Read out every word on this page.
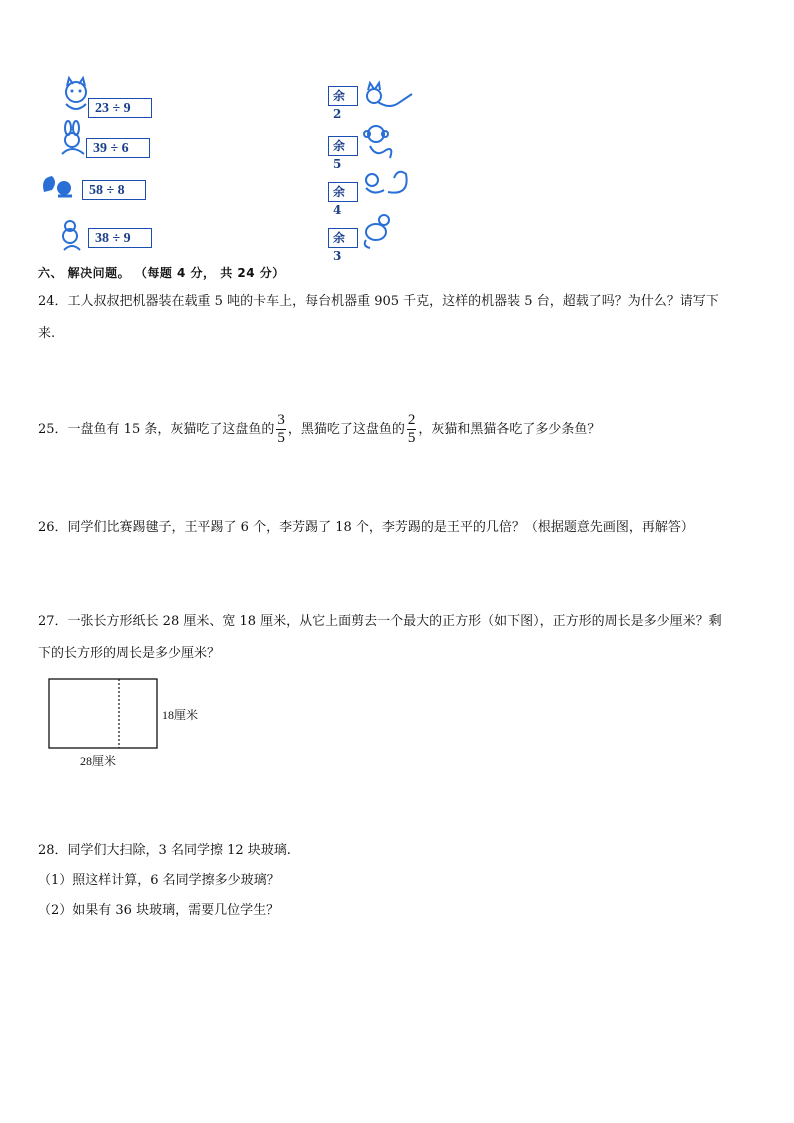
23 ÷ 9
39 ÷ 6
58 ÷ 8
38 ÷ 9
余2
余5
余4
余3
六、 解决问题。 （每题 4 分， 共 24 分）
24．工人叔叔把机器装在载重 5 吨的卡车上，每台机器重 905 千克，这样的机器装 5 台，超载了吗？为什么？请写下
来.
25．一盘鱼有 15 条，灰猫吃了这盘鱼的 $\frac{3}{5}$ ，黑猫吃了这盘鱼的 $\frac{2}{5}$ ，灰猫和黑猫各吃了多少条鱼？
26．同学们比赛踢毽子，王平踢了 6 个，李芳踢了 18 个，李芳踢的是王平的几倍？（根据题意先画图，再解答）
27．一张长方形纸长 28 厘米、宽 18 厘米，从它上面剪去一个最大的正方形（如下图），正方形的周长是多少厘米？剩
下的长方形的周长是多少厘米？
18厘米
28厘米
28．同学们大扫除，3 名同学擦 12 块玻璃.
（1）照这样计算，6 名同学擦多少玻璃？
（2）如果有 36 块玻璃，需要几位学生？
